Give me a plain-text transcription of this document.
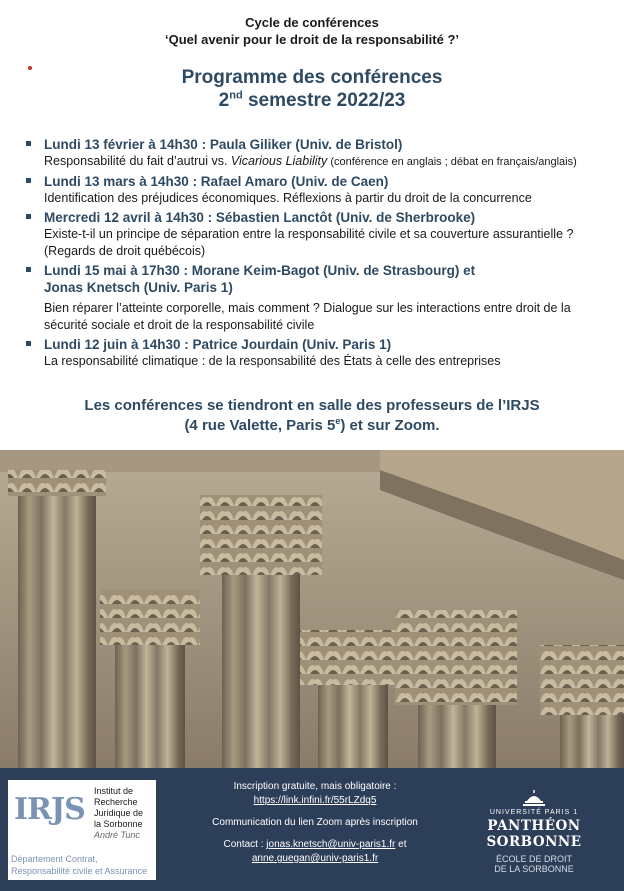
Cycle de conférences
‘Quel avenir pour le droit de la responsabilité ?’
Programme des conférences
2nd semestre 2022/23
Lundi 13 février à 14h30 : Paula Giliker (Univ. de Bristol)
Responsabilité du fait d’autrui vs. Vicarious Liability (conférence en anglais ; débat en français/anglais)
Lundi 13 mars à 14h30 : Rafael Amaro (Univ. de Caen)
Identification des préjudices économiques. Réflexions à partir du droit de la concurrence
Mercredi 12 avril à 14h30 : Sébastien Lanctôt (Univ. de Sherbrooke)
Existe-t-il un principe de séparation entre la responsabilité civile et sa couverture assurantielle ? (Regards de droit québécois)
Lundi 15 mai à 17h30 : Morane Keim-Bagot (Univ. de Strasbourg) et
Jonas Knetsch (Univ. Paris 1)
Bien réparer l’atteinte corporelle, mais comment ? Dialogue sur les interactions entre droit de la sécurité sociale et droit de la responsabilité civile
Lundi 12 juin à 14h30 : Patrice Jourdain (Univ. Paris 1)
La responsabilité climatique : de la responsabilité des États à celle des entreprises
Les conférences se tiendront en salle des professeurs de l’IRJS
(4 rue Valette, Paris 5e) et sur Zoom.
IRJS
Institut de
Recherche
Juridique de
la Sorbonne
André Tunc
Département Contrat,
Responsabilité civile et Assurance
Inscription gratuite, mais obligatoire :
https://link.infini.fr/55rLZdq5
Communication du lien Zoom après inscription
Contact : jonas.knetsch@univ-paris1.fr et
anne.guegan@univ-paris1.fr
UNIVERSITÉ PARIS 1
PANTHÉON SORBONNE
ÉCOLE DE DROIT
DE LA SORBONNE
